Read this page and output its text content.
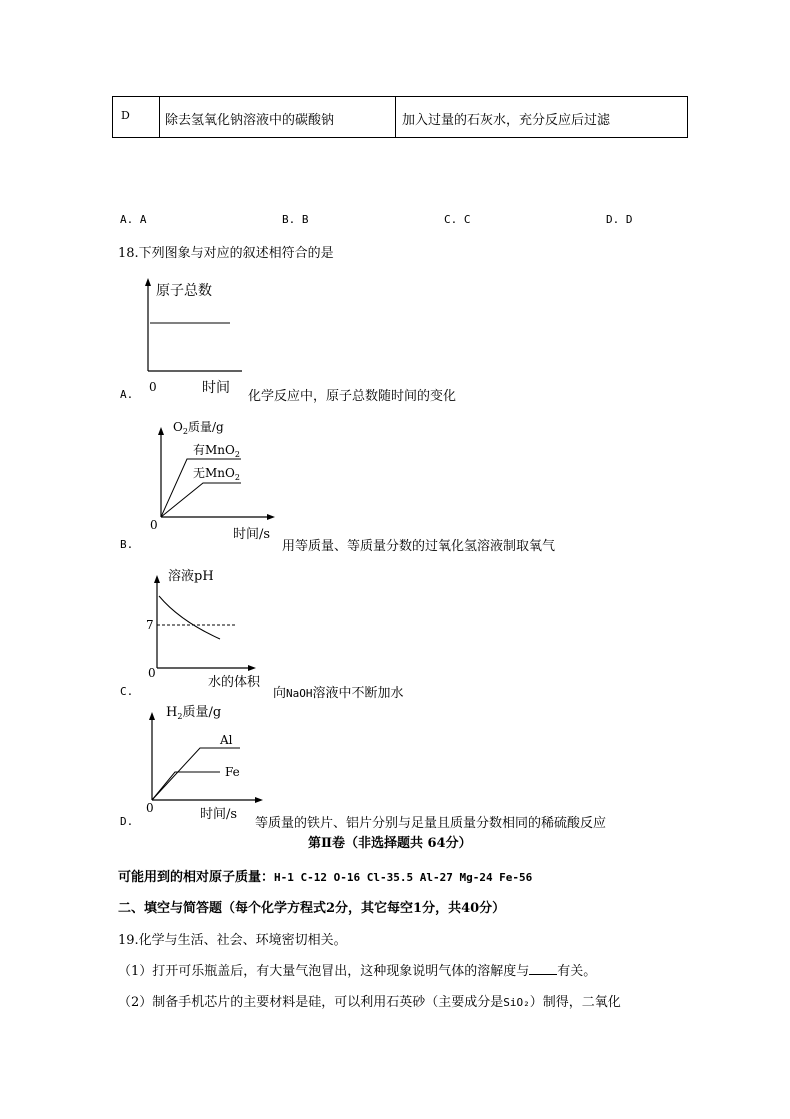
D	除去氢氧化钠溶液中的碳酸钠	加入过量的石灰水，充分反应后过滤
A. A	B. B	C. C	D. D
18.下列图象与对应的叙述相符合的是
A.
原子总数
0	时间
化学反应中，原子总数随时间的变化
B.
$O_2$质量/g
有MnO$_2$
无MnO$_2$
0
时间/s
用等质量、等质量分数的过氧化氢溶液制取氧气
C.
溶液pH
7
0
水的体积
向NaOH溶液中不断加水
D.
$H_2$质量/g
Al
Fe
0	时间/s
等质量的铁片、铝片分别与足量且质量分数相同的稀硫酸反应
第Ⅱ卷（非选择题共 64分）
可能用到的相对原子质量：H-1 C-12 O-16 Cl-35.5 Al-27 Mg-24 Fe-56
二、填空与简答题（每个化学方程式2分，其它每空1分，共40分）
19.化学与生活、社会、环境密切相关。
（1）打开可乐瓶盖后，有大量气泡冒出，这种现象说明气体的溶解度与 有关。
（2）制备手机芯片的主要材料是硅，可以利用石英砂（主要成分是SiO₂）制得，二氧化
